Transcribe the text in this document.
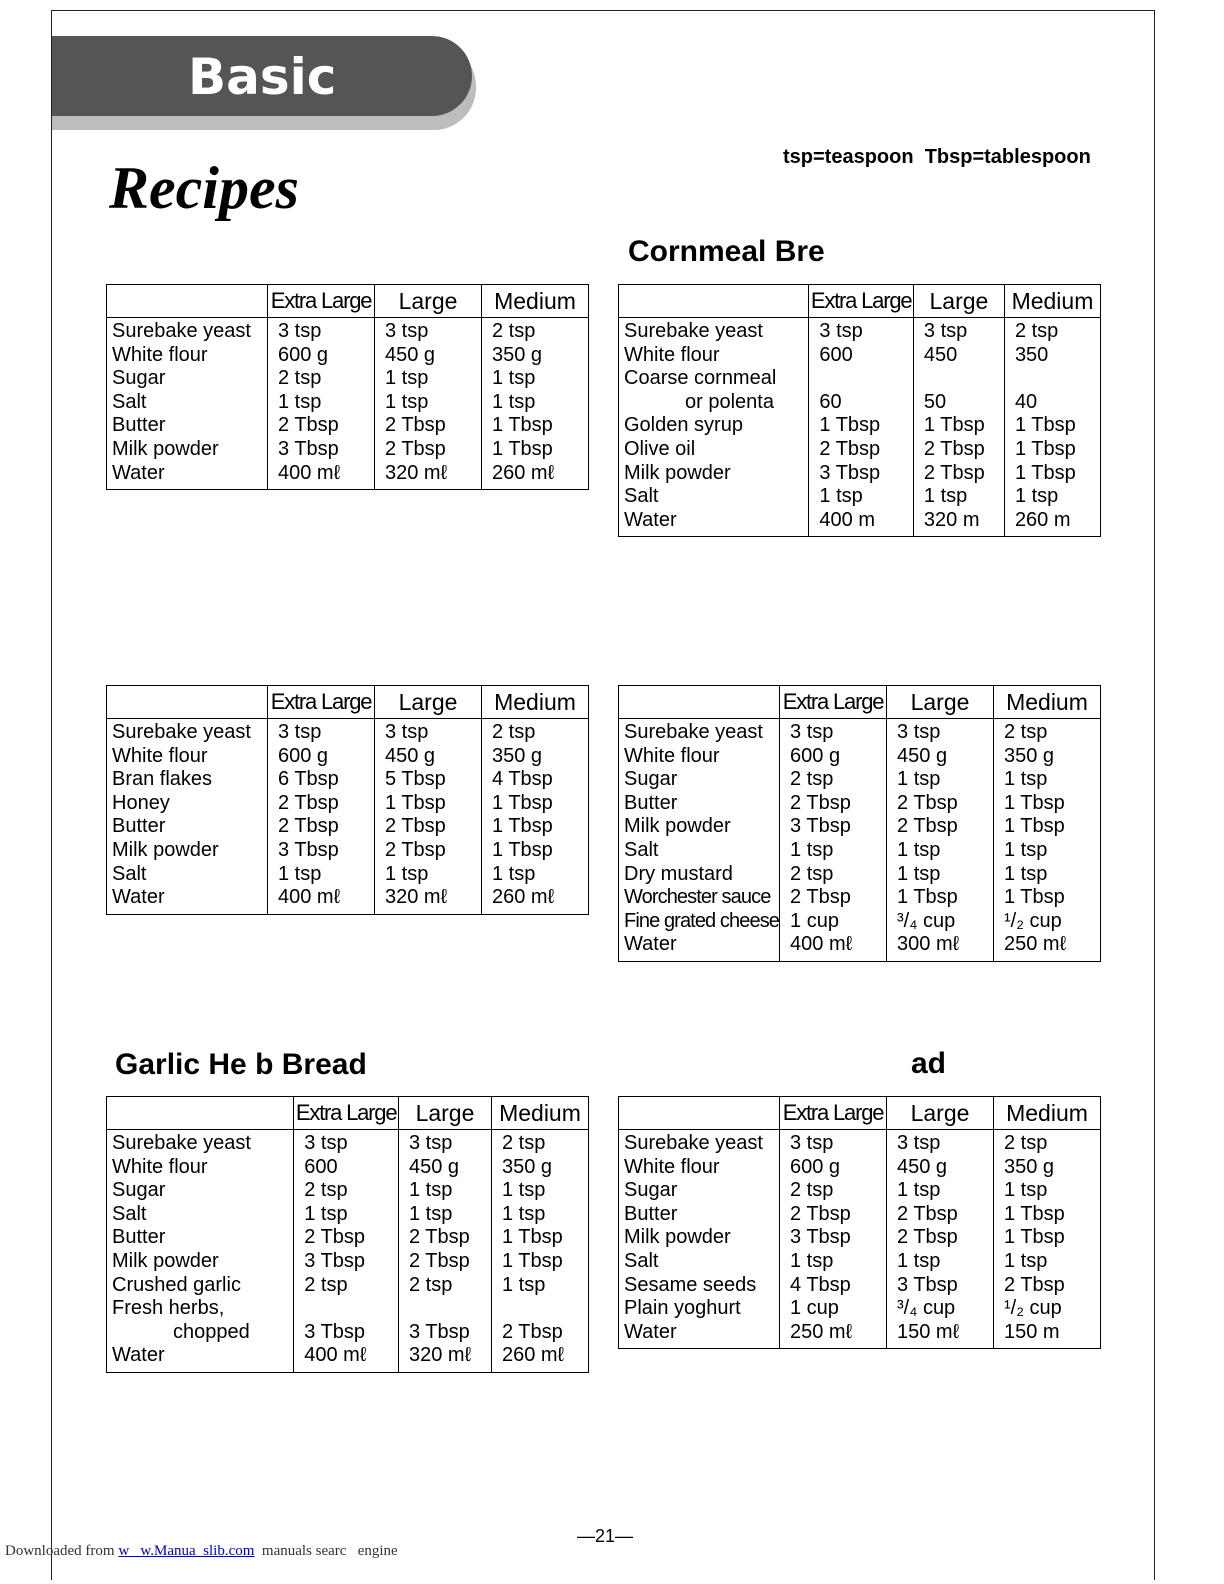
Basic
Recipes	tsp=teaspoon  Tbsp=tablespoon
Cornmeal Bre
Garlic He b Bread	ad
	Extra Large	Large	Medium
Surebake yeast	3 tsp	3 tsp	2 tsp
White flour	600 g	450 g	350 g
Sugar	2 tsp	1 tsp	1 tsp
Salt	1 tsp	1 tsp	1 tsp
Butter	2 Tbsp	2 Tbsp	1 Tbsp
Milk powder	3 Tbsp	2 Tbsp	1 Tbsp
Water	400 mℓ	320 mℓ	260 mℓ
	Extra Large	Large	Medium
Surebake yeast	3 tsp	3 tsp	2 tsp
White flour	600	450	350
Coarse cornmeal			
or polenta	60	50	40
Golden syrup	1 Tbsp	1 Tbsp	1 Tbsp
Olive oil	2 Tbsp	2 Tbsp	1 Tbsp
Milk powder	3 Tbsp	2 Tbsp	1 Tbsp
Salt	1 tsp	1 tsp	1 tsp
Water	400 m	320 m	260 m
	Extra Large	Large	Medium
Surebake yeast	3 tsp	3 tsp	2 tsp
White flour	600 g	450 g	350 g
Bran flakes	6 Tbsp	5 Tbsp	4 Tbsp
Honey	2 Tbsp	1 Tbsp	1 Tbsp
Butter	2 Tbsp	2 Tbsp	1 Tbsp
Milk powder	3 Tbsp	2 Tbsp	1 Tbsp
Salt	1 tsp	1 tsp	1 tsp
Water	400 mℓ	320 mℓ	260 mℓ
	Extra Large	Large	Medium
Surebake yeast	3 tsp	3 tsp	2 tsp
White flour	600 g	450 g	350 g
Sugar	2 tsp	1 tsp	1 tsp
Butter	2 Tbsp	2 Tbsp	1 Tbsp
Milk powder	3 Tbsp	2 Tbsp	1 Tbsp
Salt	1 tsp	1 tsp	1 tsp
Dry mustard	2 tsp	1 tsp	1 tsp
Worchester sauce	2 Tbsp	1 Tbsp	1 Tbsp
Fine grated cheese	1 cup	³/₄ cup	¹/₂ cup
Water	400 mℓ	300 mℓ	250 mℓ
	Extra Large	Large	Medium
Surebake yeast	3 tsp	3 tsp	2 tsp
White flour	600	450 g	350 g
Sugar	2 tsp	1 tsp	1 tsp
Salt	1 tsp	1 tsp	1 tsp
Butter	2 Tbsp	2 Tbsp	1 Tbsp
Milk powder	3 Tbsp	2 Tbsp	1 Tbsp
Crushed garlic	2 tsp	2 tsp	1 tsp
Fresh herbs,			
chopped	3 Tbsp	3 Tbsp	2 Tbsp
Water	400 mℓ	320 mℓ	260 mℓ
	Extra Large	Large	Medium
Surebake yeast	3 tsp	3 tsp	2 tsp
White flour	600 g	450 g	350 g
Sugar	2 tsp	1 tsp	1 tsp
Butter	2 Tbsp	2 Tbsp	1 Tbsp
Milk powder	3 Tbsp	2 Tbsp	1 Tbsp
Salt	1 tsp	1 tsp	1 tsp
Sesame seeds	4 Tbsp	3 Tbsp	2 Tbsp
Plain yoghurt	1 cup	³/₄ cup	¹/₂ cup
Water	250 mℓ	150 mℓ	150 m
—21—
Downloaded from w   w.Manua  slib.com  manuals searc   engine
